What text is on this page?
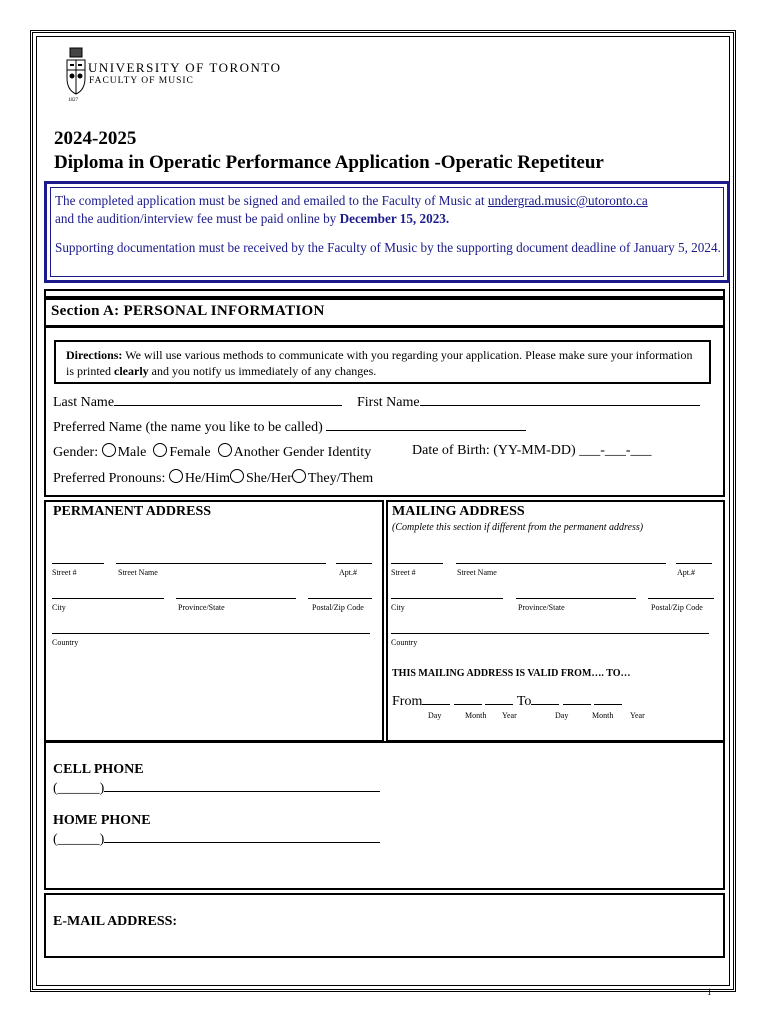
1827
UNIVERSITY OF TORONTO
FACULTY OF MUSIC
2024-2025
Diploma in Operatic Performance Application -Operatic Repetiteur

The completed application must be signed and emailed to the Faculty of Music at undergrad.music@utoronto.ca
and the audition/interview fee must be paid online by December 15, 2023.

Supporting documentation must be received by the Faculty of Music by the supporting document deadline of January 5, 2024.

Section A: PERSONAL INFORMATION
Directions: We will use various methods to communicate with you regarding your application. Please make sure your information is printed clearly and you notify us immediately of any changes.
Last Name	First Name
Preferred Name (the name you like to be called)
Gender: Male Female Another Gender Identity	Date of Birth: (YY-MM-DD) ___-___-___
Preferred Pronouns: He/Him She/Her They/Them
PERMANENT ADDRESS
Street #	Street Name	Apt.#
City	Province/State	Postal/Zip Code
Country
MAILING ADDRESS
(Complete this section if different from the permanent address)
Street #	Street Name	Apt.#
City	Province/State	Postal/Zip Code
Country
THIS MAILING ADDRESS IS VALID FROM…. TO…
From	To
Day	Month Year	Day	Month Year
CELL PHONE
(______)
HOME PHONE
(______)
E-MAIL ADDRESS:
1
